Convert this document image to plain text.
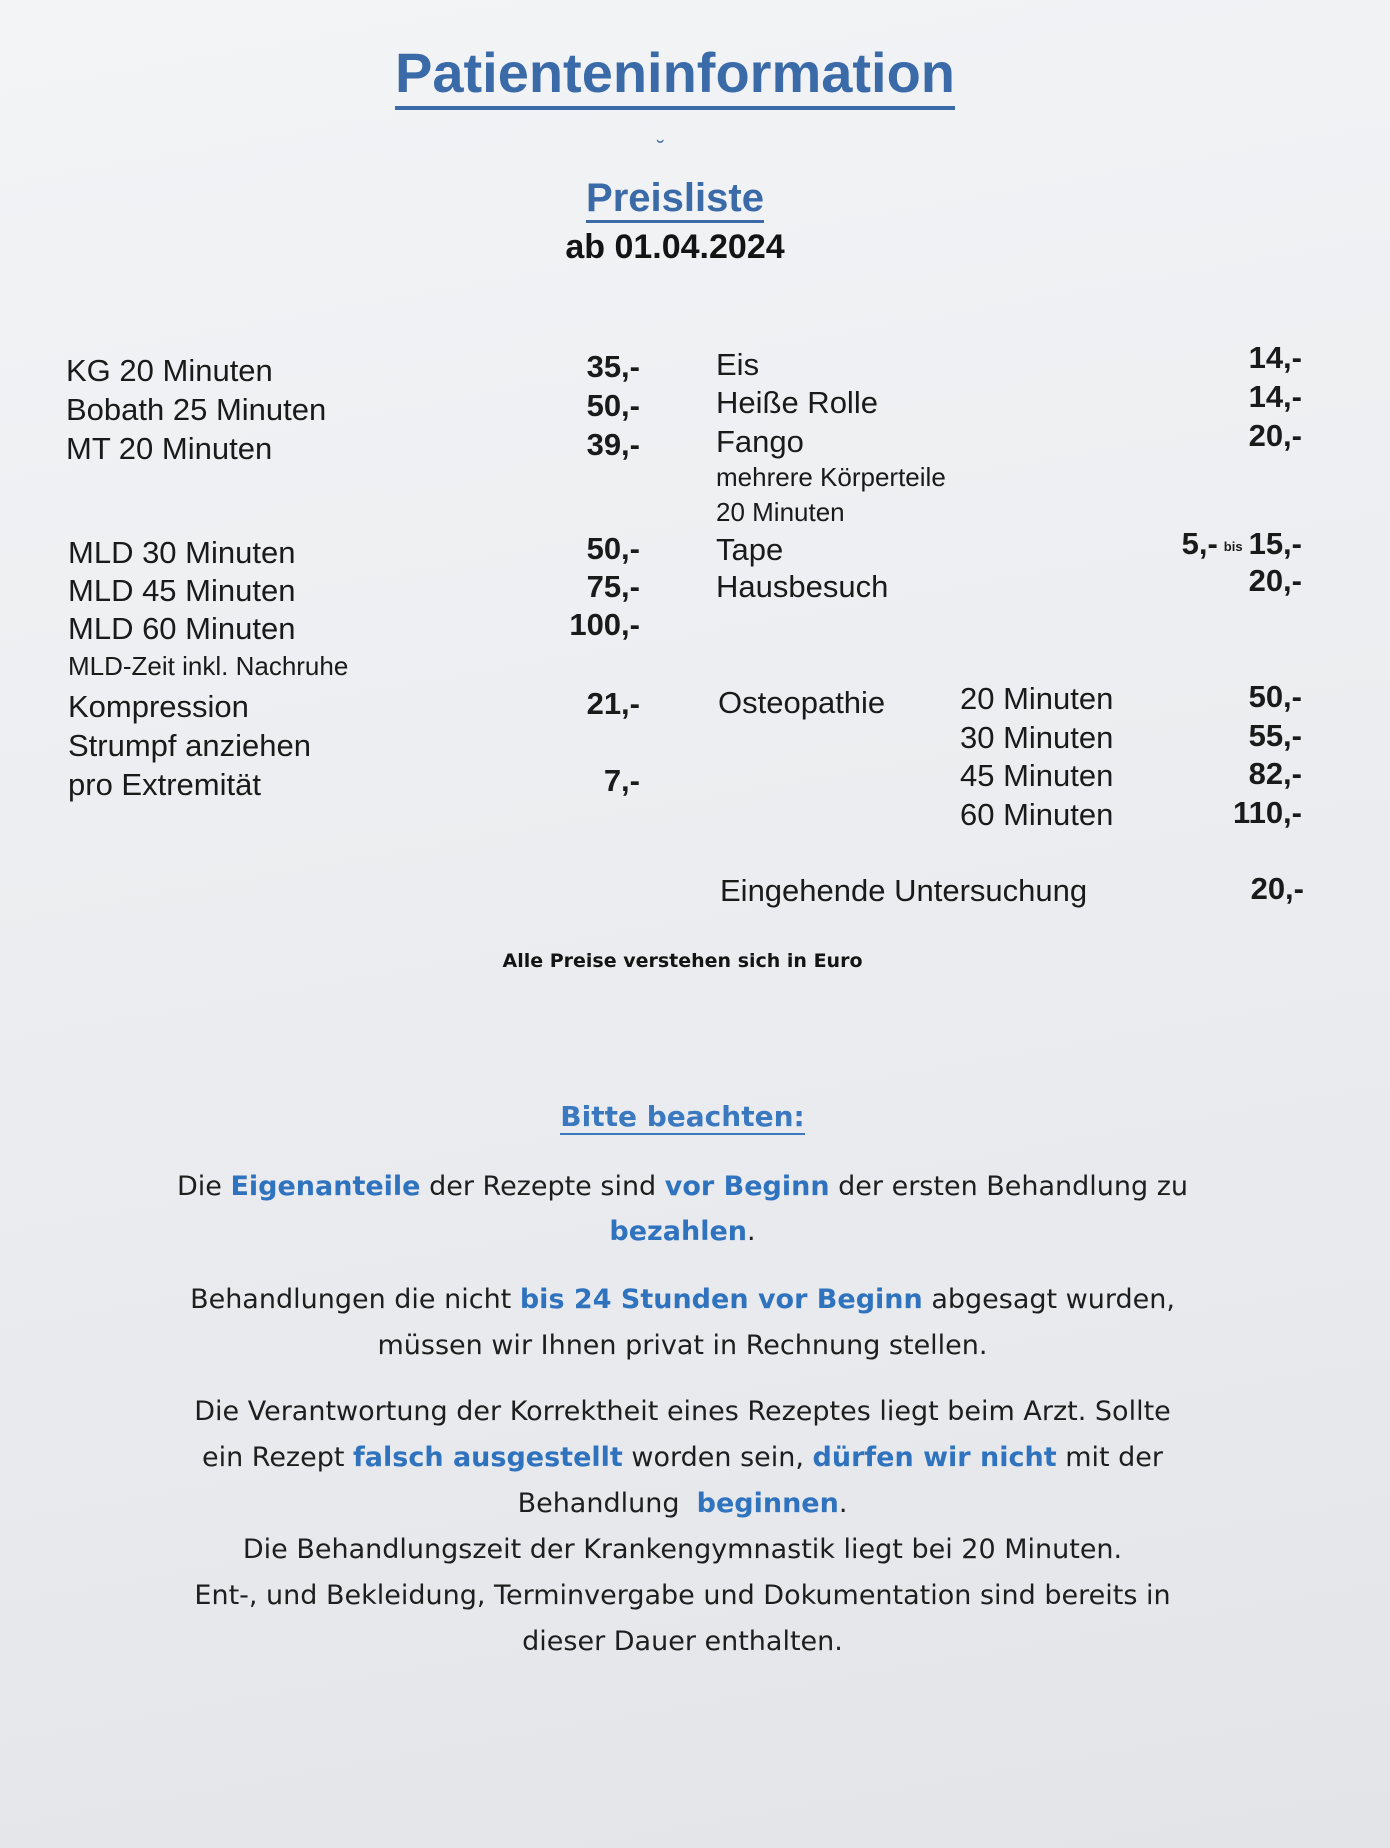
Patienteninformation
˘
Preisliste
ab 01.04.2024
KG 20 Minuten	35,-
Bobath 25 Minuten	50,-
MT 20 Minuten	39,-
MLD 30 Minuten	50,-
MLD 45 Minuten	75,-
MLD 60 Minuten	100,-
MLD-Zeit inkl. Nachruhe
Kompression	21,-
Strumpf anziehen
pro Extremität	7,-
Eis	14,-
Heiße Rolle	14,-
Fango	20,-
mehrere Körperteile
20 Minuten
Tape	5,- bis 15,-
Hausbesuch	20,-
Osteopathie 20 Minuten	50,-
30 Minuten	55,-
45 Minuten	82,-
60 Minuten	110,-
Eingehende Untersuchung	20,-
Alle Preise verstehen sich in Euro
Bitte beachten:
Die Eigenanteile der Rezepte sind vor Beginn der ersten Behandlung zu
bezahlen.
Behandlungen die nicht bis 24 Stunden vor Beginn abgesagt wurden,
müssen wir Ihnen privat in Rechnung stellen.
Die Verantwortung der Korrektheit eines Rezeptes liegt beim Arzt. Sollte
ein Rezept falsch ausgestellt worden sein, dürfen wir nicht mit der
Behandlung  beginnen.
Die Behandlungszeit der Krankengymnastik liegt bei 20 Minuten.
Ent-, und Bekleidung, Terminvergabe und Dokumentation sind bereits in
dieser Dauer enthalten.
